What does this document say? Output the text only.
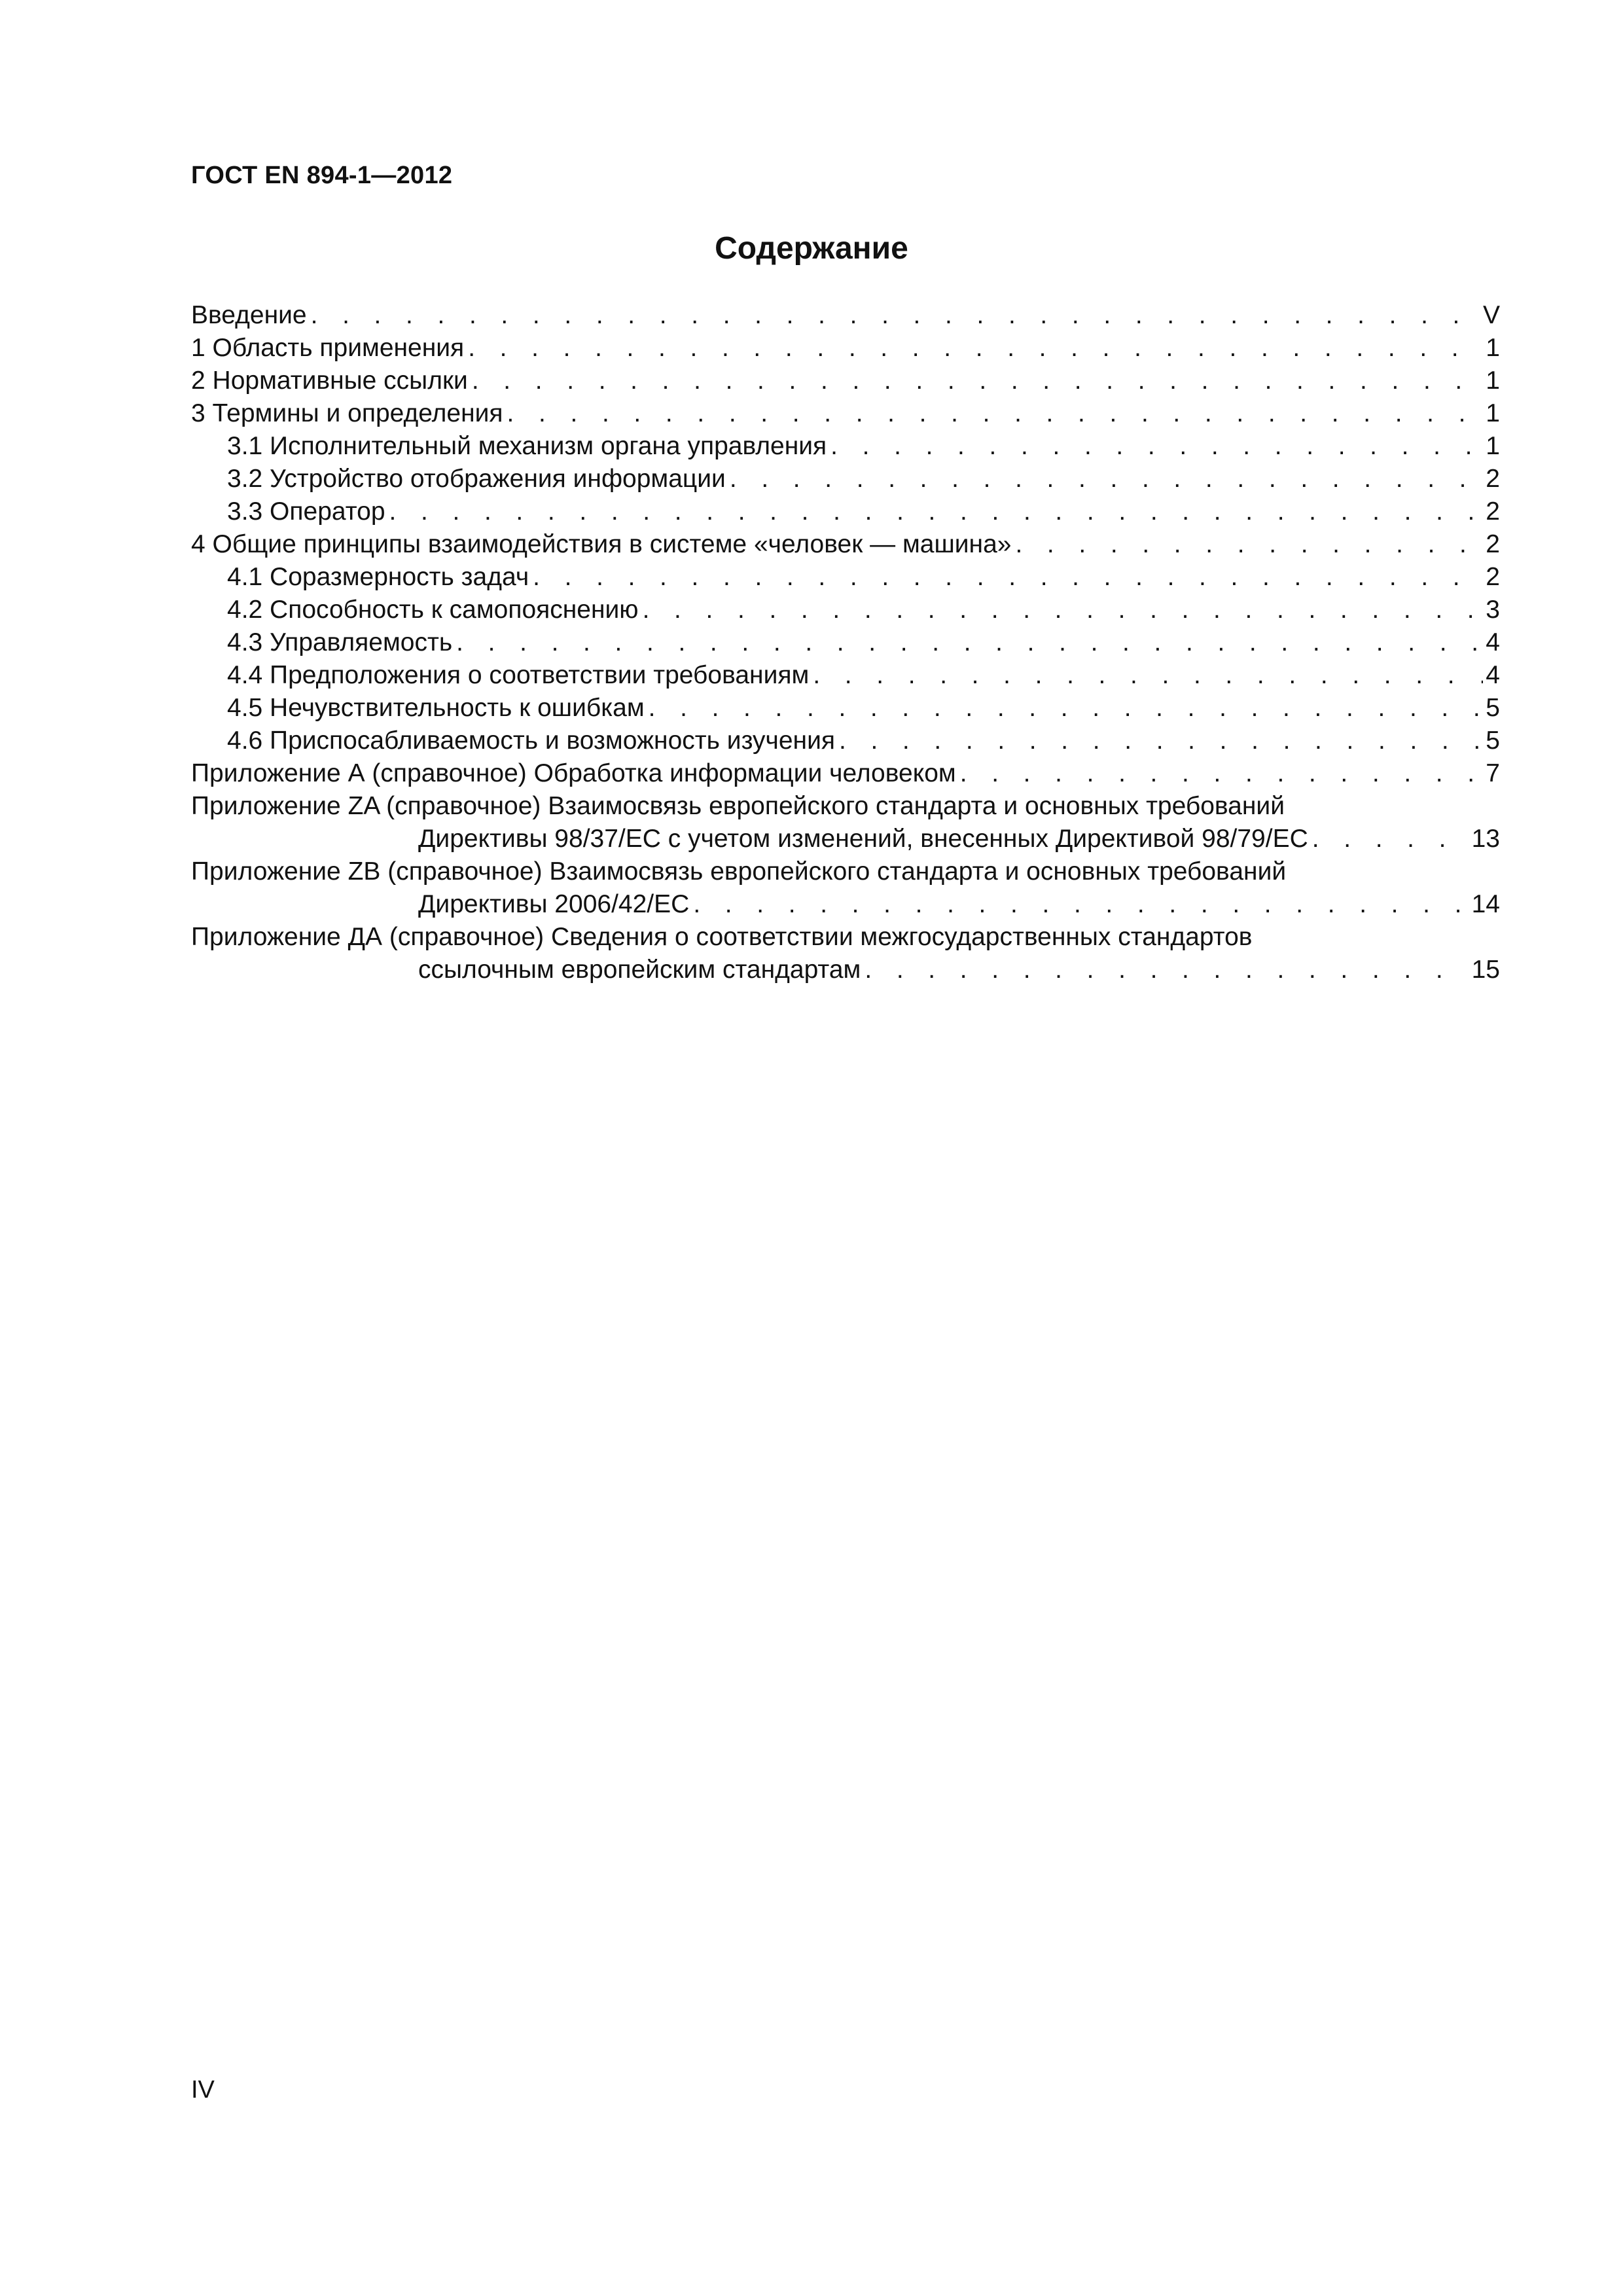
ГОСТ EN 894-1—2012
Содержание
Введение . . .	V
1 Область применения . . .	1
2 Нормативные ссылки . . .	1
3 Термины и определения . . .	1
3.1 Исполнительный механизм органа управления . . .	1
3.2 Устройство отображения информации . . .	2
3.3 Оператор . . .	2
4 Общие принципы взаимодействия в системе «человек — машина» . . .	2
4.1 Соразмерность задач . . .	2
4.2 Способность к самопояснению . . .	3
4.3 Управляемость . . .	4
4.4 Предположения о соответствии требованиям . . .	4
4.5 Нечувствительность к ошибкам . . .	5
4.6 Приспосабливаемость и возможность изучения . . .	5
Приложение А (справочное) Обработка информации человеком . . .	7
Приложение ZA (справочное) Взаимосвязь европейского стандарта и основных требований
Директивы 98/37/EC с учетом изменений, внесенных Директивой 98/79/ЕС . . .	13
Приложение ZB (справочное) Взаимосвязь европейского стандарта и основных требований
Директивы 2006/42/ЕС . . .	14
Приложение ДА (справочное) Сведения о соответствии межгосударственных стандартов
ссылочным европейским стандартам . . .	15
IV
